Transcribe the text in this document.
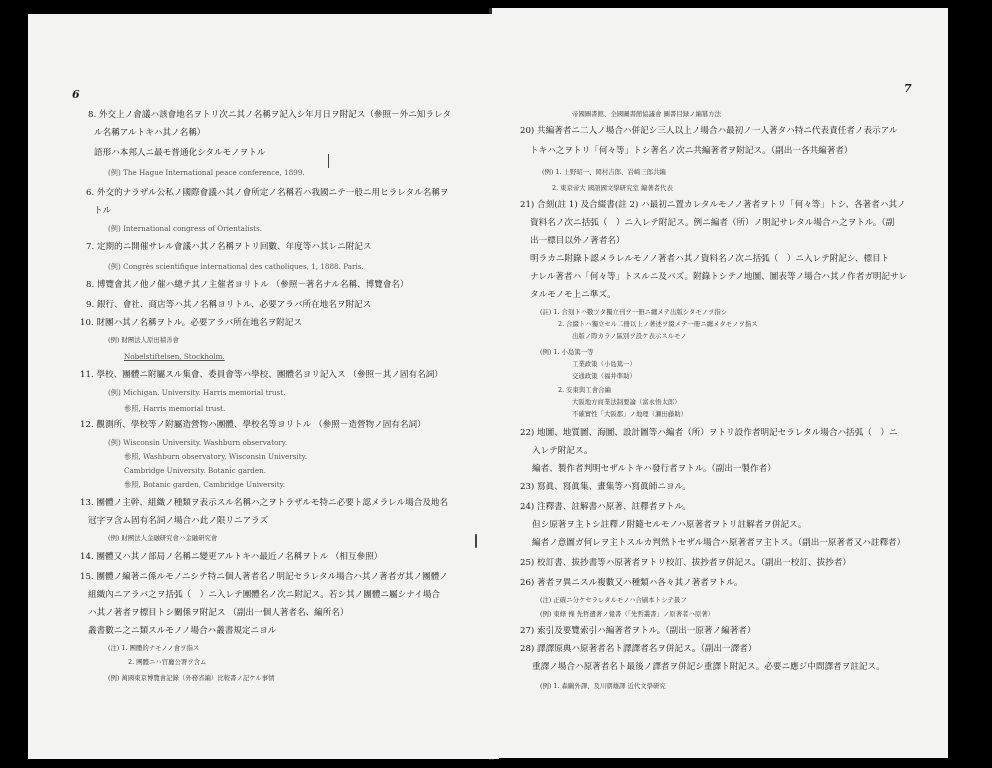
6
8. 外交上ノ會議ハ該會地名ヲトリ次ニ其ノ名稱ヲ記入シ年月日ヲ附記ス（參照－外ニ知ラレタ
ル名稱アルトキハ其ノ名稱）
語形ハ本邦人ニ最モ普通化シタルモノヲトル
(例) The Hague International peace conference, 1899.
6. 外交的ナラザル公私ノ國際會議ハ其ノ會所定ノ名稱若ハ我國ニテ一般ニ用ヒラレタル名稱ヲ
トル
(例) International congress of Orientalists.
7. 定期的ニ開催サレル會議ハ其ノ名稱ヲトリ回數、年度等ハ其レニ附記ス
(例) Congrès scientifique international des catholiques, 1, 1888. Paris.
8. 博覽會其ノ他ノ催ハ總テ其ノ主催者ヨリトル （參照－著名ナル名稱、博覽會名）
9. 銀行、會社、商店等ハ其ノ名稱ヨリトル、必要アラバ所在地名ヲ附記ス
10. 財團ハ其ノ名稱ヲトル。必要アラバ所在地名ヲ附記ス
(例) 財團法人原田積善會
Nobelstiftelsen, Stockholm.
11. 學校、團體ニ附屬スル集會、委員會等ハ學校、團體名ヨリ記入ス （參照－其ノ固有名詞）
(例) Michigan. University. Harris memorial trust.
參照, Harris memorial trust.
12. 觀測所、學校等ノ附屬造營物ハ團體、學校名等ヨリトル （參照－造營物ノ固有名詞）
(例) Wisconsin University. Washburn observatory.
參照, Washburn observatory, Wisconsin University.
Cambridge University. Botanic garden.
參照, Botanic garden, Cambridge University.
13. 團體ノ主幹、組織ノ種類ヲ表示スル名稱ハ之ヲトラザルモ特ニ必要ト認メラレル場合及地名
冠字ヲ含ム固有名詞ノ場合ハ此ノ限リニアラズ
(例) 財團法人金融研究會ハ金融研究會
14. 團體又ハ其ノ部局ノ名稱ニ變更アルトキハ最近ノ名稱ヲトル （相互參照）
15. 團體ノ編著ニ係ルモノニシテ特ニ個人著者名ノ明記セラレタル場合ハ其ノ著者ガ其ノ團體ノ
組織內ニアラバ之ヲ括弧（　）ニ入レテ團體名ノ次ニ附記ス。若シ其ノ團體ニ屬シナイ場合
ハ其ノ著者ヲ標目トシ關係ヲ附記ス （副出一個人著者名、編所名）
叢書數ニ之ニ類スルモノノ場合ハ叢書規定ニヨル
(注) 1. 團體的ナモノノ會ヲ指ス
2. 團體ニハ官廳公署ヲ含ム
(例) 萬國東京博覽會記錄（外務省編）比較書ノ記ケル事情
7
帝國圖書館、全國圖書館協議會 圖書目録ノ編纂方法
20) 共編著者ニ二人ノ場合ハ併記シ三人以上ノ場合ハ最初ノ一人著タハ特ニ代表責任者ノ表示アル
トキハ之ヲトリ「何々等」トシ著名ノ次ニ共編著者ヲ附記ス。（副出一各共編著者）
(例) 1. 上野昭一、岡村吉郎、岩崎三郎共編
2. 東京帝大 國語國文學研究室 編著者代表
21) 合刻(註 1) 及合綴書(註 2) ハ最初ニ置カレタルモノノ著者ヲトリ「何々等」トシ、各著者ハ其ノ
資料名ノ次ニ括弧（　）ニ入レテ附記ス。例ニ編者（所）ノ明記サレタル場合ハ之ヲトル。（副
出一標目以外ノ著者名）
明ラカニ附錄ト認メラレルモノノ著者ハ其ノ資料名ノ次ニ括弧（　）ニ入レテ附記シ、標目ト
ナレル著者ハ「何々等」トスルニ及バズ。附錄トシテノ地圖、圖表等ノ場合ハ其ノ作者ガ明記サレ
タルモノモ上ニ準ズ。
(註) 1. 合刻トハ數ツタ獨立刊ヲ一冊ニ纏メテ出版シタモノヲ指シ
2. 合綴トハ獨立セル二冊以上ノ著述ヲ綴メテ一冊ニ纏メタモノヲ指ス
出版ノ際カラノ區別ヲ設ケ表示スルモノ
(例) 1. 小島篤一等
工業政策（小島篤一）
交通政策（福井準助）
2. 安東與工會合編
大阪地方商業法制要論（富永悟太郎）
不確實性「大阪郡」ノ地理（瀬田藤助）
22) 地圖、地質圖、海圖、設計圖等ハ編者（所）ヲトリ設作者明記セラレタル場合ハ括弧（　）ニ
入レテ附記ス。
編者、製作者判明セザルトキハ發行者ヲトル。（副出一製作者）
23) 寫眞、寫眞集、畫集等ハ寫眞師ニヨル。
24) 注釋書、註解書ハ原著、註釋者ヲトル。
但シ原著ヲ主トシ註釋ノ附隨セルモノハ原著者ヲトリ註解者ヲ併記ス。
編者ノ意圖ガ何レヲ主トスルカ判然トセザル場合ハ原著者ヲ主トス。（副出一原著者又ハ註釋者）
25) 校訂書、拔抄書等ハ原著者ヲトリ校訂、拔抄者ヲ併記ス。（副出一校訂、拔抄者）
26) 著者ヲ異ニスル複數又ハ種類ハ各々其ノ著者ヲトル。
(注) 正確ニ分ケセラレタルモノハ合刷本トシテ扱フ
(例) 東條 操 先哲遺著ノ覺書（「先哲叢書」ノ原著者ハ原著）
27) 索引及要覽索引ハ編著者ヲトル。（副出一原著ノ編著者）
28) 譯譯原典ハ原著者名ト譯譯者名ヲ併記ス。（副出一譯者）
重譯ノ場合ハ原著者名ト最後ノ譯者ヲ併記シ重譯ト附記ス。必要ニ應ジ中間譯者ヲ註記ス。
(例) 1. 森鷗外譯、及川朝雄譯 近代文學研究
